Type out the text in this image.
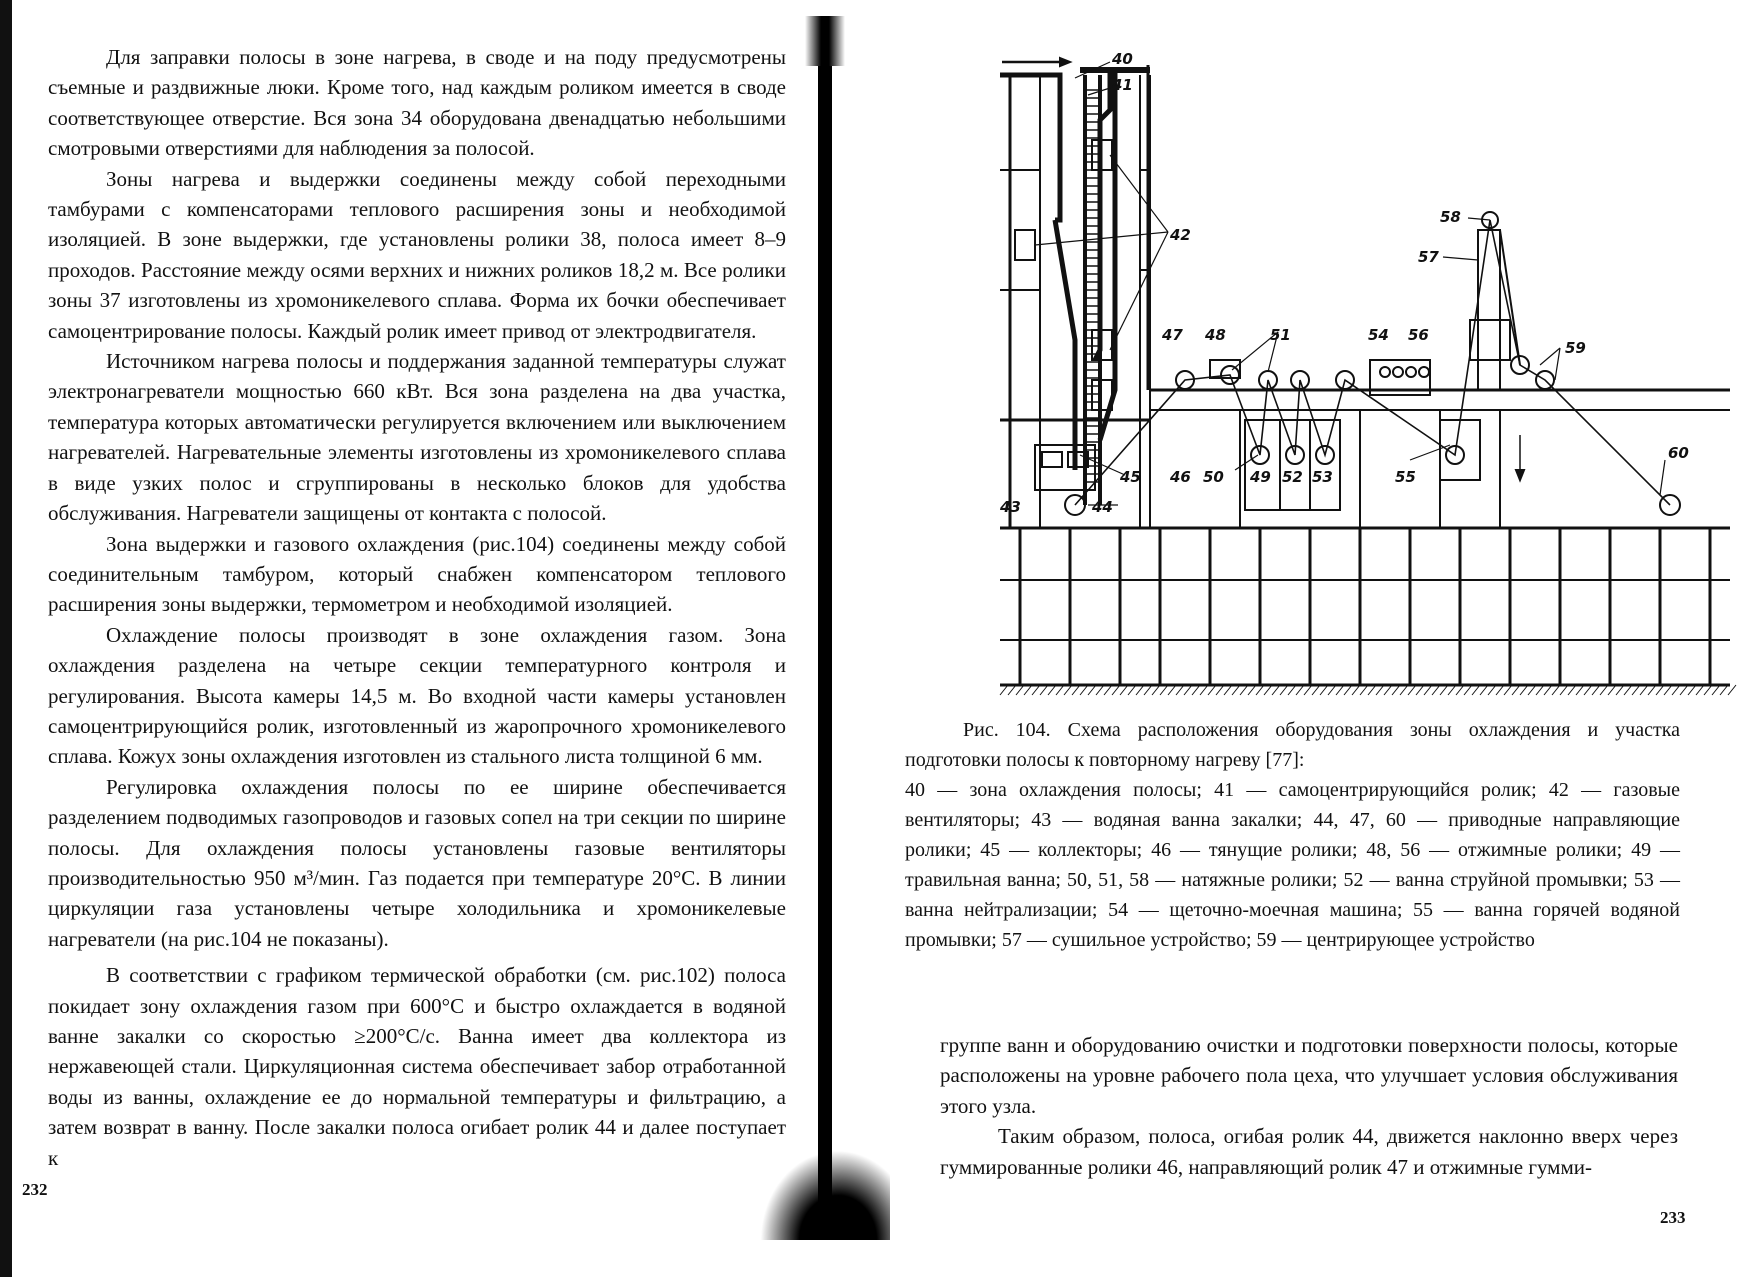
Для заправки полосы в зоне нагрева, в своде и на поду предусмотрены съемные и раздвижные люки. Кроме того, над каждым роликом имеется в своде соответствующее отверстие. Вся зона 34 оборудована двенадцатью небольшими смотровыми отверстиями для наблюдения за полосой.

Зоны нагрева и выдержки соединены между собой переходными тамбурами с компенсаторами теплового расширения зоны и необходимой изоляцией. В зоне выдержки, где установлены ролики 38, полоса имеет 8–9 проходов. Расстояние между осями верхних и нижних роликов 18,2 м. Все ролики зоны 37 изготовлены из хромоникелевого сплава. Форма их бочки обеспечивает самоцентрирование полосы. Каждый ролик имеет привод от электродвигателя.

Источником нагрева полосы и поддержания заданной температуры служат электронагреватели мощностью 660 кВт. Вся зона разделена на два участка, температура которых автоматически регулируется включением или выключением нагревателей. Нагревательные элементы изготовлены из хромоникелевого сплава в виде узких полос и сгруппированы в несколько блоков для удобства обслуживания. Нагреватели защищены от контакта с полосой.

Зона выдержки и газового охлаждения (рис.104) соединены между собой соединительным тамбуром, который снабжен компенсатором теплового расширения зоны выдержки, термометром и необходимой изоляцией.

Охлаждение полосы производят в зоне охлаждения газом. Зона охлаждения разделена на четыре секции температурного контроля и регулирования. Высота камеры 14,5 м. Во входной части камеры установлен самоцентрирующийся ролик, изготовленный из жаропрочного хромоникелевого сплава. Кожух зоны охлаждения изготовлен из стального листа толщиной 6 мм.

Регулировка охлаждения полосы по ее ширине обеспечивается разделением подводимых газопроводов и газовых сопел на три секции по ширине полосы. Для охлаждения полосы установлены газовые вентиляторы производительностью 950 м³/мин. Газ подается при температуре 20°С. В линии циркуляции газа установлены четыре холодильника и хромоникелевые нагреватели (на рис.104 не показаны).

В соответствии с графиком термической обработки (см. рис.102) полоса покидает зону охлаждения газом при 600°С и быстро охлаждается в водяной ванне закалки со скоростью ≥200°С/с. Ванна имеет два коллектора из нержавеющей стали. Циркуляционная система обеспечивает забор отработанной воды из ванны, охлаждение ее до нормальной температуры и фильтрацию, а затем возврат в ванну. После закалки полоса огибает ролик 44 и далее поступает к

232
40
41
42
43	44
45 46
47 48
49
50
51
52 53
54
55
56
57
58
59
60

Рис. 104. Схема расположения оборудования зоны охлаждения и участка подготовки полосы к повторному нагреву [77]:

40 — зона охлаждения полосы; 41 — самоцентрирующийся ролик; 42 — газовые вентиляторы; 43 — водяная ванна закалки; 44, 47, 60 — приводные направляющие ролики; 45 — коллекторы; 46 — тянущие ролики; 48, 56 — отжимные ролики; 49 — травильная ванна; 50, 51, 58 — натяжные ролики; 52 — ванна струйной промывки; 53 — ванна нейтрализации; 54 — щеточно-моечная машина; 55 — ванна горячей водяной промывки; 57 — сушильное устройство; 59 — центрирующее устройство

группе ванн и оборудованию очистки и подготовки поверхности полосы, которые расположены на уровне рабочего пола цеха, что улучшает условия обслуживания этого узла.

Таким образом, полоса, огибая ролик 44, движется наклонно вверх через гуммированные ролики 46, направляющий ролик 47 и отжимные гумми-

233
